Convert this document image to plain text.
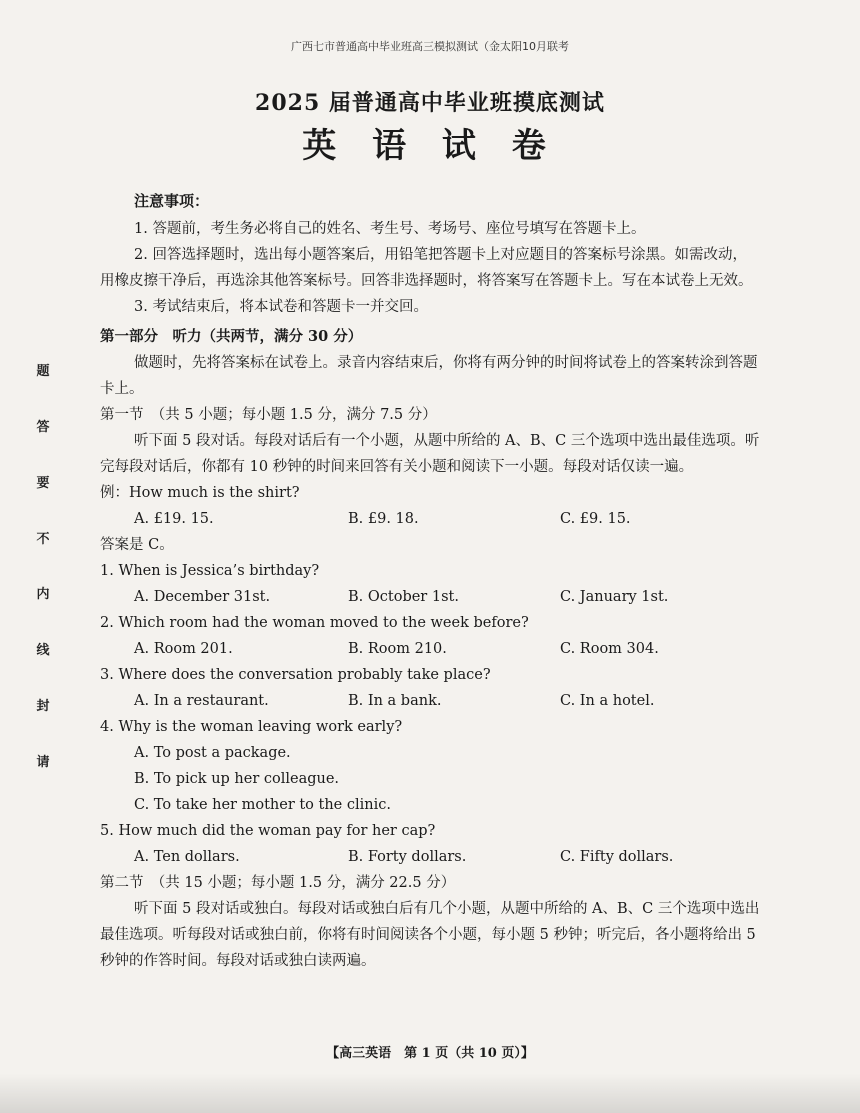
广西七市普通高中毕业班高三模拟测试（金太阳10月联考
2025 届普通高中毕业班摸底测试
英 语 试 卷
题
答
要
不
内
线
封
请
注意事项：
1. 答题前，考生务必将自己的姓名、考生号、考场号、座位号填写在答题卡上。
2. 回答选择题时，选出每小题答案后，用铅笔把答题卡上对应题目的答案标号涂黑。如需改动，用橡皮擦干净后，再选涂其他答案标号。回答非选择题时，将答案写在答题卡上。写在本试卷上无效。
3. 考试结束后，将本试卷和答题卡一并交回。
第一部分　听力（共两节，满分 30 分）
做题时，先将答案标在试卷上。录音内容结束后，你将有两分钟的时间将试卷上的答案转涂到答题卡上。
第一节　（共 5 小题；每小题 1.5 分，满分 7.5 分）
听下面 5 段对话。每段对话后有一个小题，从题中所给的 A、B、C 三个选项中选出最佳选项。听完每段对话后，你都有 10 秒钟的时间来回答有关小题和阅读下一小题。每段对话仅读一遍。
例：How much is the shirt?
A. £19. 15.	B. £9. 18.	C. £9. 15.
答案是 C。
1. When is Jessica’s birthday?
A. December 31st.	B. October 1st.	C. January 1st.
2. Which room had the woman moved to the week before?
A. Room 201.	B. Room 210.	C. Room 304.
3. Where does the conversation probably take place?
A. In a restaurant.	B. In a bank.	C. In a hotel.
4. Why is the woman leaving work early?
A. To post a package.
B. To pick up her colleague.
C. To take her mother to the clinic.
5. How much did the woman pay for her cap?
A. Ten dollars.	B. Forty dollars.	C. Fifty dollars.
第二节　（共 15 小题；每小题 1.5 分，满分 22.5 分）
听下面 5 段对话或独白。每段对话或独白后有几个小题，从题中所给的 A、B、C 三个选项中选出最佳选项。听每段对话或独白前，你将有时间阅读各个小题，每小题 5 秒钟；听完后，各小题将给出 5 秒钟的作答时间。每段对话或独白读两遍。
【高三英语　第 1 页（共 10 页）】
